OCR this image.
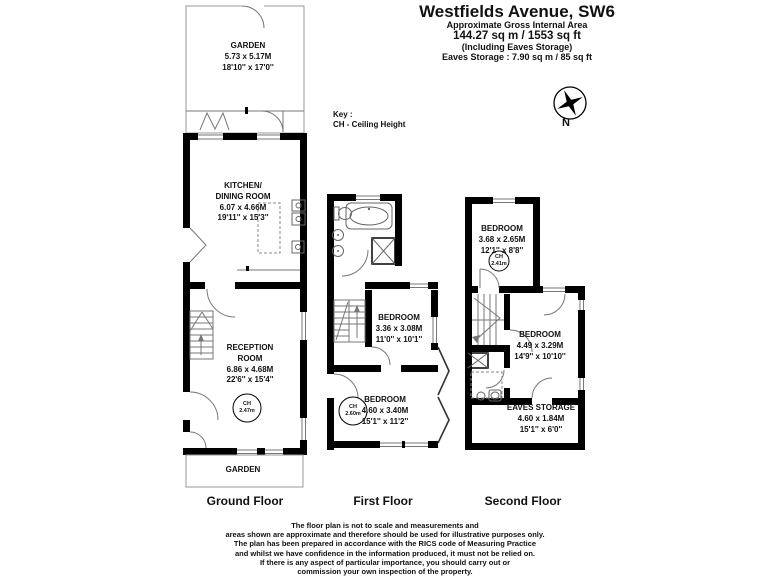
Westfields Avenue, SW6
Approximate Gross Internal Area
144.27 sq m / 1553 sq ft
(Including Eaves Storage)
Eaves Storage : 7.90 sq m / 85 sq ft
Key :
CH - Ceiling Height	N
GARDEN
5.73 x 5.17M
18'10'' x 17'0''
KITCHEN/
DINING ROOM
6.07 x 4.66M
19'11'' x 15'3''
RECEPTION
ROOM
6.86 x 4.68M
22'6'' x 15'4''
CH
2.47m
GARDEN
BEDROOM
3.36 x 3.08M
11'0'' x 10'1''
BEDROOM
4.60 x 3.40M
15'1'' x 11'2''
CH
2.60m
BEDROOM
3.68 x 2.65M
12'1'' x 8'8''
CH
2.41m
BEDROOM
4.49 x 3.29M
14'9'' x 10'10''
EAVES STORAGE
4.60 x 1.84M
15'1'' x 6'0''
Ground Floor	First Floor	Second Floor
The floor plan is not to scale and measurements and
areas shown are approximate and therefore should be used for illustrative purposes only.
The plan has been prepared in accordance with the RICS code of Measuring Practice
and whilst we have confidence in the information produced, it must not be relied on.
If there is any aspect of particular importance, you should carry out or
commission your own inspection of the property.
